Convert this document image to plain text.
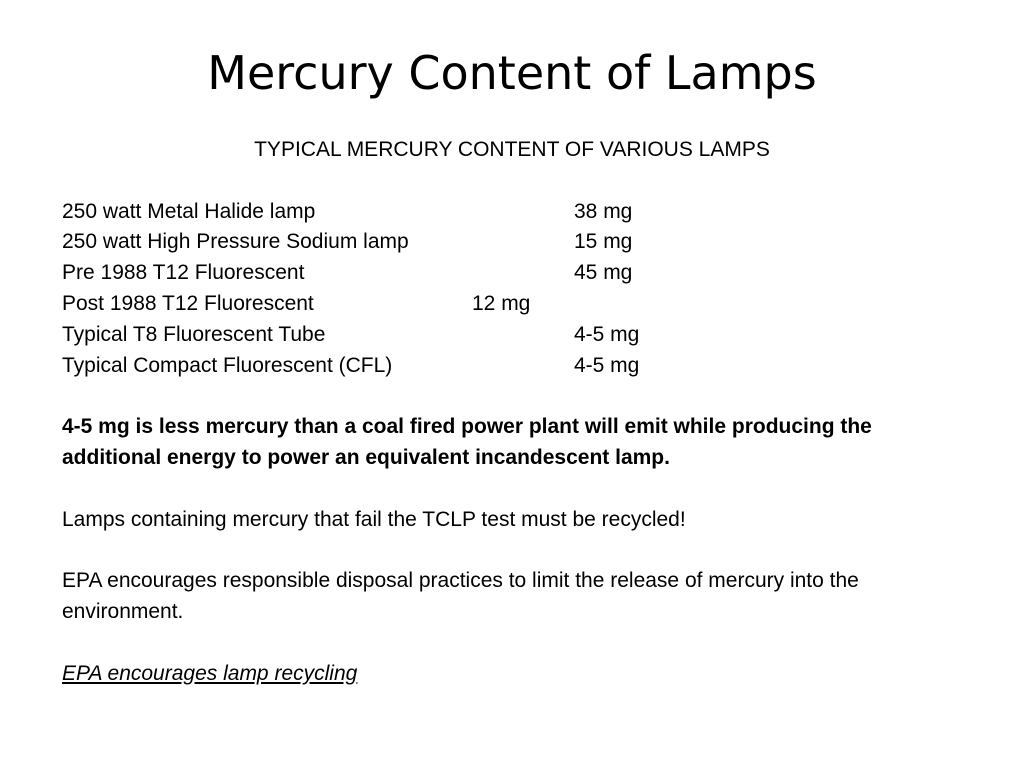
Mercury Content of Lamps
TYPICAL MERCURY CONTENT OF VARIOUS LAMPS
250 watt Metal Halide lamp	38 mg
250 watt High Pressure Sodium lamp	15 mg
Pre 1988 T12 Fluorescent	45 mg
Post 1988 T12 Fluorescent	12 mg
Typical T8 Fluorescent Tube	4-5 mg
Typical Compact Fluorescent (CFL)	4-5 mg

4-5 mg is less mercury than a coal fired power plant will emit while producing the additional energy to power an equivalent incandescent lamp.

Lamps containing mercury that fail the TCLP test must be recycled!

EPA encourages responsible disposal practices to limit the release of mercury into the environment.

EPA encourages lamp recycling
